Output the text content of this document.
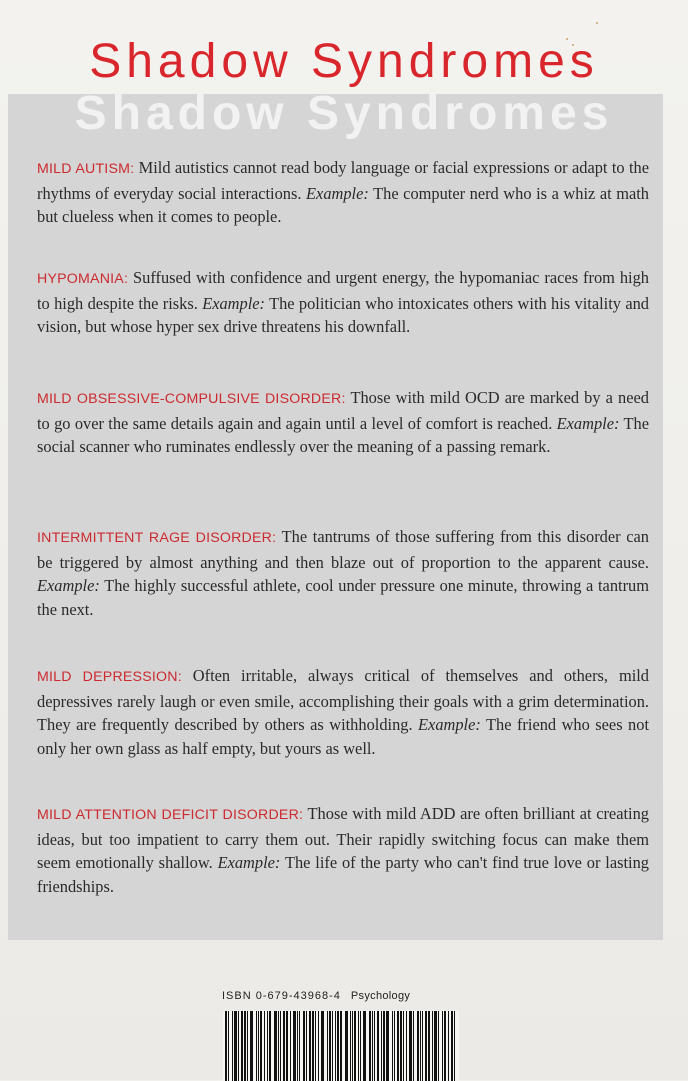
Shadow Syndromes
Shadow Syndromes

MILD AUTISM: Mild autistics cannot read body language or facial expressions or adapt to the rhythms of everyday social interactions. Example: The computer nerd who is a whiz at math but clueless when it comes to people.

HYPOMANIA: Suffused with confidence and urgent energy, the hypomaniac races from high to high despite the risks. Example: The politician who intoxicates others with his vitality and vision, but whose hyper sex drive threatens his downfall.

MILD OBSESSIVE-COMPULSIVE DISORDER: Those with mild OCD are marked by a need to go over the same details again and again until a level of comfort is reached. Example: The social scanner who ruminates endlessly over the meaning of a passing remark.

INTERMITTENT RAGE DISORDER: The tantrums of those suffering from this disorder can be triggered by almost anything and then blaze out of proportion to the apparent cause. Example: The highly successful athlete, cool under pressure one minute, throwing a tantrum the next.

MILD DEPRESSION: Often irritable, always critical of themselves and others, mild depressives rarely laugh or even smile, accomplishing their goals with a grim determination. They are frequently described by others as withholding. Example: The friend who sees not only her own glass as half empty, but yours as well.

MILD ATTENTION DEFICIT DISORDER: Those with mild ADD are often brilliant at creating ideas, but too impatient to carry them out. Their rapidly switching focus can make them seem emotionally shallow. Example: The life of the party who can't find true love or lasting friendships.

ISBN 0-679-43968-4 Psychology
